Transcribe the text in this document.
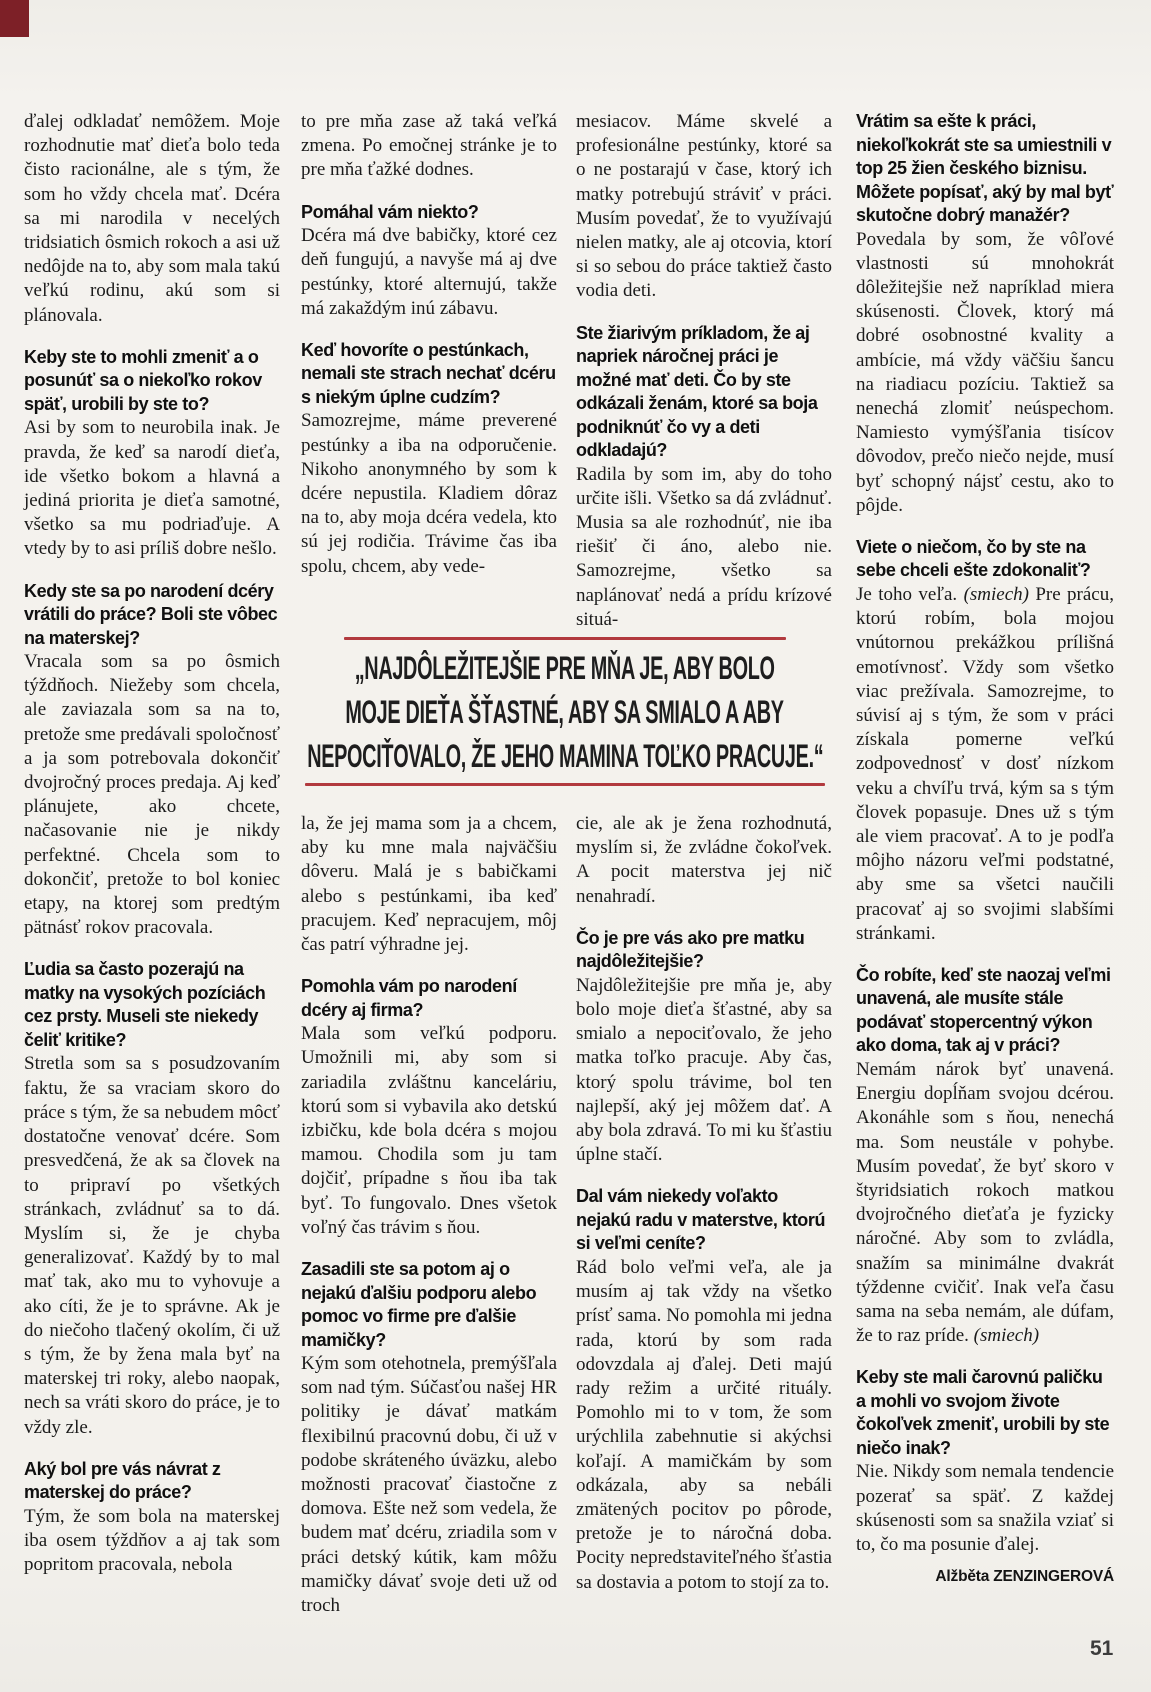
ďalej odkladať nemôžem. Moje rozhodnutie mať dieťa bolo teda čisto racionálne, ale s tým, že som ho vždy chcela mať. Dcéra sa mi narodila v necelých tridsiatich ôsmich rokoch a asi už nedôjde na to, aby som mala takú veľkú rodinu, akú som si plánovala.

Keby ste to mohli zmeniť a o posunúť sa o niekoľko rokov späť, urobili by ste to?

Asi by som to neurobila inak. Je pravda, že keď sa narodí dieťa, ide všetko bokom a hlavná a jediná priorita je dieťa samotné, všetko sa mu podriaďuje. A vtedy by to asi príliš dobre nešlo.

Kedy ste sa po narodení dcéry vrátili do práce? Boli ste vôbec na materskej?

Vracala som sa po ôsmich týždňoch. Niežeby som chcela, ale zaviazala som sa na to, pretože sme predávali spoločnosť a ja som potrebovala dokončiť dvojročný proces predaja. Aj keď plánujete, ako chcete, načasovanie nie je nikdy perfektné. Chcela som to dokončiť, pretože to bol koniec etapy, na ktorej som predtým pätnásť rokov pracovala.

Ľudia sa často pozerajú na matky na vysokých pozíciách cez prsty. Museli ste niekedy čeliť kritike?

Stretla som sa s posudzovaním faktu, že sa vraciam skoro do práce s tým, že sa nebudem môcť dostatočne venovať dcére. Som presvedčená, že ak sa človek na to pripraví po všetkých stránkach, zvládnuť sa to dá. Myslím si, že je chyba generalizovať. Každý by to mal mať tak, ako mu to vyhovuje a ako cíti, že je to správne. Ak je do niečoho tlačený okolím, či už s tým, že by žena mala byť na materskej tri roky, alebo naopak, nech sa vráti skoro do práce, je to vždy zle.

Aký bol pre vás návrat z materskej do práce?

Tým, že som bola na materskej iba osem týždňov a aj tak som popritom pracovala, nebola

to pre mňa zase až taká veľká zmena. Po emočnej stránke je to pre mňa ťažké dodnes.

Pomáhal vám niekto?

Dcéra má dve babičky, ktoré cez deň fungujú, a navyše má aj dve pestúnky, ktoré alternujú, takže má zakaždým inú zábavu.

Keď hovoríte o pestúnkach, nemali ste strach nechať dcéru s niekým úplne cudzím?

Samozrejme, máme preverené pestúnky a iba na odporučenie. Nikoho anonymného by som k dcére nepustila. Kladiem dôraz na to, aby moja dcéra vedela, kto sú jej rodičia. Trávime čas iba spolu, chcem, aby vede-

mesiacov. Máme skvelé a profesionálne pestúnky, ktoré sa o ne postarajú v čase, ktorý ich matky potrebujú stráviť v práci. Musím povedať, že to využívajú nielen matky, ale aj otcovia, ktorí si so sebou do práce taktiež často vodia deti.

Ste žiarivým príkladom, že aj napriek náročnej práci je možné mať deti. Čo by ste odkázali ženám, ktoré sa boja podniknúť čo vy a deti odkladajú?

Radila by som im, aby do toho určite išli. Všetko sa dá zvládnuť. Musia sa ale rozhodnúť, nie iba riešiť či áno, alebo nie. Samozrejme, všetko sa naplánovať nedá a prídu krízové situá-

la, že jej mama som ja a chcem, aby ku mne mala najväčšiu dôveru. Malá je s babičkami alebo s pestúnkami, iba keď pracujem. Keď nepracujem, môj čas patrí výhradne jej.

Pomohla vám po narodení dcéry aj firma?

Mala som veľkú podporu. Umožnili mi, aby som si zariadila zvláštnu kanceláriu, ktorú som si vybavila ako detskú izbičku, kde bola dcéra s mojou mamou. Chodila som ju tam dojčiť, prípadne s ňou iba tak byť. To fungovalo. Dnes všetok voľný čas trávim s ňou.

Zasadili ste sa potom aj o nejakú ďalšiu podporu alebo pomoc vo firme pre ďalšie mamičky?

Kým som otehotnela, premýšľala som nad tým. Súčasťou našej HR politiky je dávať matkám flexibilnú pracovnú dobu, či už v podobe skráteného úväzku, alebo možnosti pracovať čiastočne z domova. Ešte než som vedela, že budem mať dcéru, zriadila som v práci detský kútik, kam môžu mamičky dávať svoje deti už od troch

cie, ale ak je žena rozhodnutá, myslím si, že zvládne čokoľvek. A pocit materstva jej nič nenahradí.

Čo je pre vás ako pre matku najdôležitejšie?

Najdôležitejšie pre mňa je, aby bolo moje dieťa šťastné, aby sa smialo a nepociťovalo, že jeho matka toľko pracuje. Aby čas, ktorý spolu trávime, bol ten najlepší, aký jej môžem dať. A aby bola zdravá. To mi ku šťastiu úplne stačí.

Dal vám niekedy voľakto nejakú radu v materstve, ktorú si veľmi ceníte?

Rád bolo veľmi veľa, ale ja musím aj tak vždy na všetko prísť sama. No pomohla mi jedna rada, ktorú by som rada odovzdala aj ďalej. Deti majú rady režim a určité rituály. Pomohlo mi to v tom, že som urýchlila zabehnutie si akýchsi koľají. A mamičkám by som odkázala, aby sa nebáli zmätených pocitov po pôrode, pretože je to náročná doba. Pocity nepredstaviteľného šťastia sa dostavia a potom to stojí za to.

Vrátim sa ešte k práci, niekoľkokrát ste sa umiestnili v top 25 žien českého biznisu. Môžete popísať, aký by mal byť skutočne dobrý manažér?

Povedala by som, že vôľové vlastnosti sú mnohokrát dôležitejšie než napríklad miera skúsenosti. Človek, ktorý má dobré osobnostné kvality a ambície, má vždy väčšiu šancu na riadiacu pozíciu. Taktiež sa nenechá zlomiť neúspechom. Namiesto vymýšľania tisícov dôvodov, prečo niečo nejde, musí byť schopný nájsť cestu, ako to pôjde.

Viete o niečom, čo by ste na sebe chceli ešte zdokonaliť?

Je toho veľa. (smiech) Pre prácu, ktorú robím, bola mojou vnútornou prekážkou prílišná emotívnosť. Vždy som všetko viac prežívala. Samozrejme, to súvisí aj s tým, že som v práci získala pomerne veľkú zodpovednosť v dosť nízkom veku a chvíľu trvá, kým sa s tým človek popasuje. Dnes už s tým ale viem pracovať. A to je podľa môjho názoru veľmi podstatné, aby sme sa všetci naučili pracovať aj so svojimi slabšími stránkami.

Čo robíte, keď ste naozaj veľmi unavená, ale musíte stále podávať stopercentný výkon ako doma, tak aj v práci?

Nemám nárok byť unavená. Energiu dopĺňam svojou dcérou. Akonáhle som s ňou, nenechá ma. Som neustále v pohybe. Musím povedať, že byť skoro v štyridsiatich rokoch matkou dvojročného dieťaťa je fyzicky náročné. Aby som to zvládla, snažím sa minimálne dvakrát týždenne cvičiť. Inak veľa času sama na seba nemám, ale dúfam, že to raz príde. (smiech)

Keby ste mali čarovnú paličku a mohli vo svojom živote čokoľvek zmeniť, urobili by ste niečo inak?

Nie. Nikdy som nemala tendencie pozerať sa späť. Z každej skúsenosti som sa snažila vziať si to, čo ma posunie ďalej.

Alžběta ZENZINGEROVÁ

„NAJDÔLEŽITEJŠIE PRE MŇA JE, ABY BOLO
MOJE DIEŤA ŠŤASTNÉ, ABY SA SMIALO A ABY
NEPOCIŤOVALO, ŽE JEHO MAMINA TOĽKO PRACUJE.“
51
